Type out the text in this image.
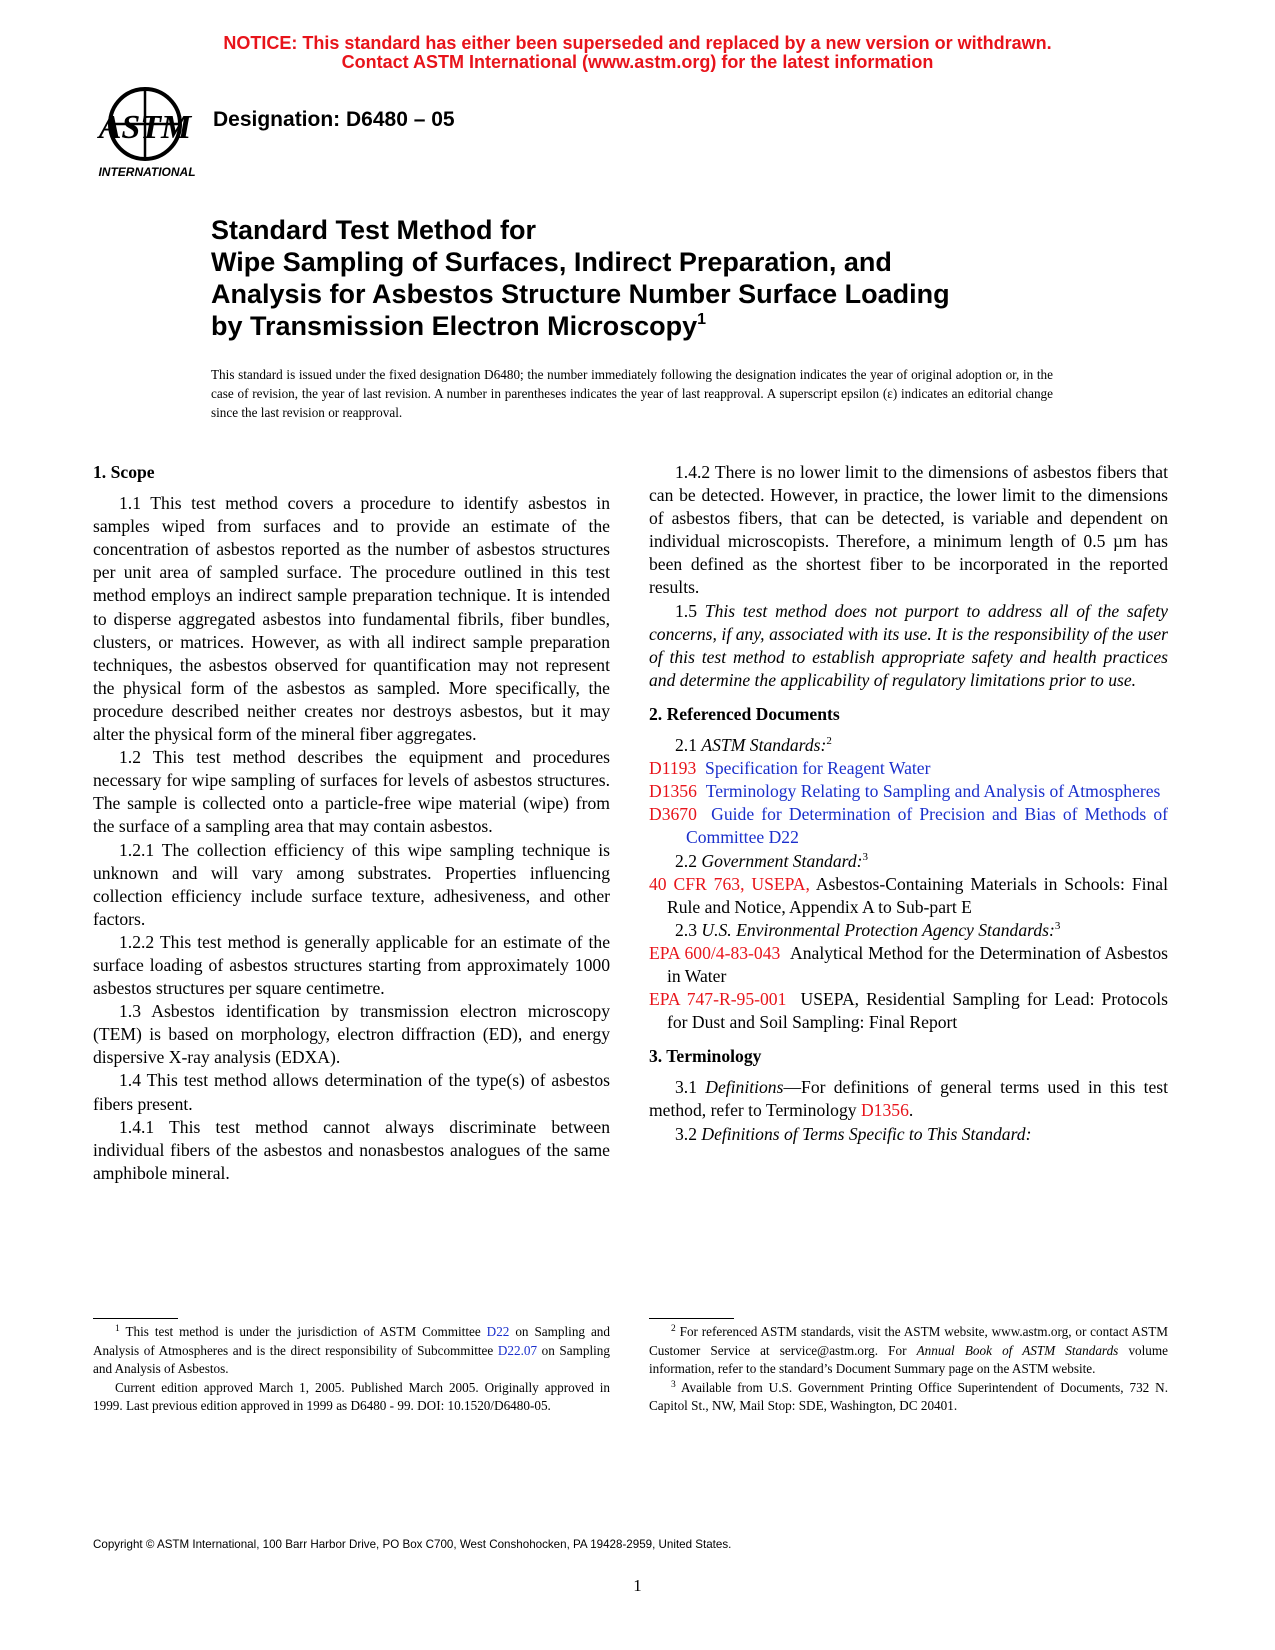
NOTICE: This standard has either been superseded and replaced by a new version or withdrawn.
Contact ASTM International (www.astm.org) for the latest information
ASTM
INTERNATIONAL
Designation: D6480 – 05
Standard Test Method for
Wipe Sampling of Surfaces, Indirect Preparation, and
Analysis for Asbestos Structure Number Surface Loading
by Transmission Electron Microscopy$^1$

This standard is issued under the fixed designation D6480; the number immediately following the designation indicates the year of original adoption or, in the case of revision, the year of last revision. A number in parentheses indicates the year of last reapproval. A superscript epsilon (ε) indicates an editorial change since the last revision or reapproval.

1. Scope

1.1 This test method covers a procedure to identify asbestos in samples wiped from surfaces and to provide an estimate of the concentration of asbestos reported as the number of asbestos structures per unit area of sampled surface. The procedure outlined in this test method employs an indirect sample preparation technique. It is intended to disperse aggregated asbestos into fundamental fibrils, fiber bundles, clusters, or matrices. However, as with all indirect sample preparation techniques, the asbestos observed for quantification may not represent the physical form of the asbestos as sampled. More specifically, the procedure described neither creates nor destroys asbestos, but it may alter the physical form of the mineral fiber aggregates.

1.2 This test method describes the equipment and procedures necessary for wipe sampling of surfaces for levels of asbestos structures. The sample is collected onto a particle-free wipe material (wipe) from the surface of a sampling area that may contain asbestos.

1.2.1 The collection efficiency of this wipe sampling technique is unknown and will vary among substrates. Properties influencing collection efficiency include surface texture, adhesiveness, and other factors.

1.2.2 This test method is generally applicable for an estimate of the surface loading of asbestos structures starting from approximately 1000 asbestos structures per square centimetre.

1.3 Asbestos identification by transmission electron microscopy (TEM) is based on morphology, electron diffraction (ED), and energy dispersive X-ray analysis (EDXA).

1.4 This test method allows determination of the type(s) of asbestos fibers present.

1.4.1 This test method cannot always discriminate between individual fibers of the asbestos and nonasbestos analogues of the same amphibole mineral.

1.4.2 There is no lower limit to the dimensions of asbestos fibers that can be detected. However, in practice, the lower limit to the dimensions of asbestos fibers, that can be detected, is variable and dependent on individual microscopists. Therefore, a minimum length of 0.5 µm has been defined as the shortest fiber to be incorporated in the reported results.

1.5 This test method does not purport to address all of the safety concerns, if any, associated with its use. It is the responsibility of the user of this test method to establish appropriate safety and health practices and determine the applicability of regulatory limitations prior to use.

2. Referenced Documents

2.1 ASTM Standards:$^2$

D1193 Specification for Reagent Water

D1356 Terminology Relating to Sampling and Analysis of Atmospheres

D3670 Guide for Determination of Precision and Bias of Methods of Committee D22

2.2 Government Standard:$^3$

40 CFR 763, USEPA, Asbestos-Containing Materials in Schools: Final Rule and Notice, Appendix A to Sub-part E

2.3 U.S. Environmental Protection Agency Standards:$^3$

EPA 600/4-83-043 Analytical Method for the Determination of Asbestos in Water

EPA 747-R-95-001 USEPA, Residential Sampling for Lead: Protocols for Dust and Soil Sampling: Final Report

3. Terminology

3.1 Definitions—For definitions of general terms used in this test method, refer to Terminology D1356.

3.2 Definitions of Terms Specific to This Standard:

$^1$ This test method is under the jurisdiction of ASTM Committee D22 on Sampling and Analysis of Atmospheres and is the direct responsibility of Subcommittee D22.07 on Sampling and Analysis of Asbestos.

Current edition approved March 1, 2005. Published March 2005. Originally approved in 1999. Last previous edition approved in 1999 as D6480 - 99. DOI: 10.1520/D6480-05.

$^2$ For referenced ASTM standards, visit the ASTM website, www.astm.org, or contact ASTM Customer Service at service@astm.org. For Annual Book of ASTM Standards volume information, refer to the standard’s Document Summary page on the ASTM website.

$^3$ Available from U.S. Government Printing Office Superintendent of Documents, 732 N. Capitol St., NW, Mail Stop: SDE, Washington, DC 20401.

Copyright © ASTM International, 100 Barr Harbor Drive, PO Box C700, West Conshohocken, PA 19428-2959, United States.
1
